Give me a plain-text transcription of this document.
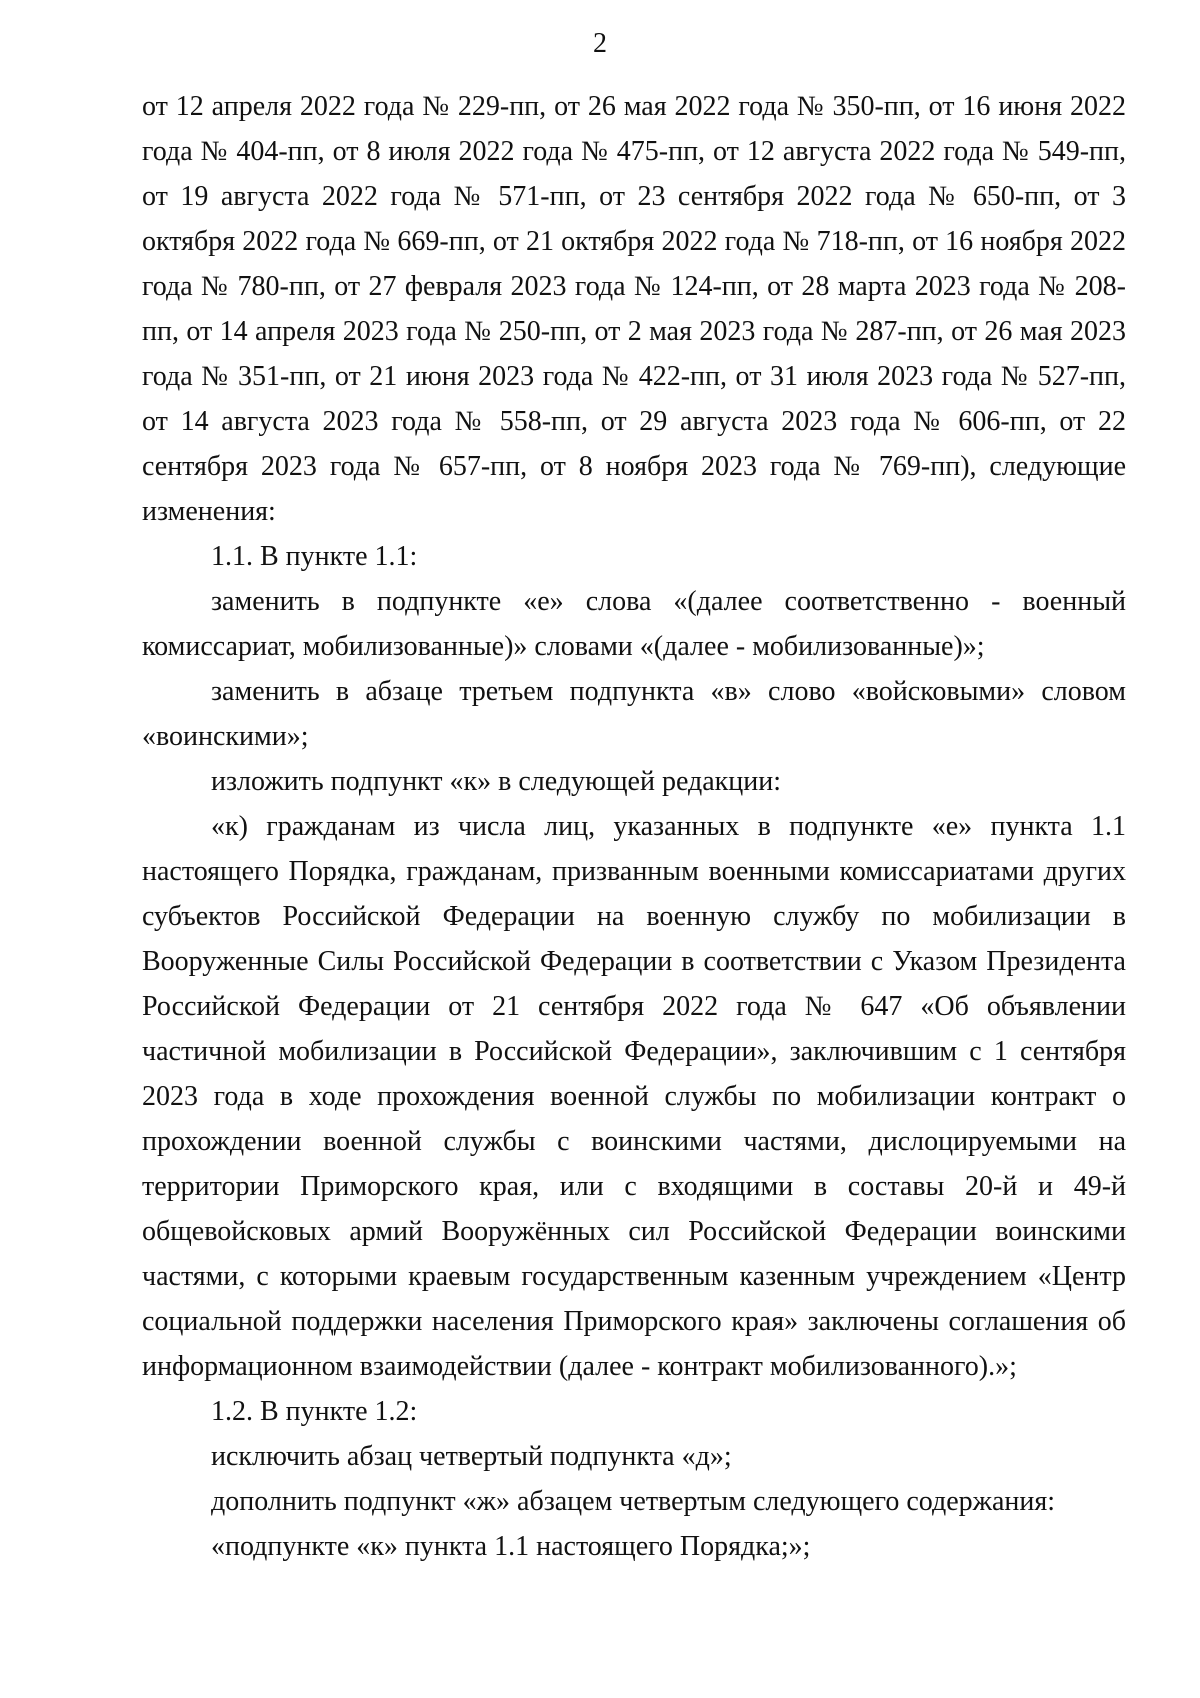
2

от 12 апреля 2022 года № 229-пп, от 26 мая 2022 года № 350-пп, от 16 июня 2022 года № 404-пп, от 8 июля 2022 года № 475-пп, от 12 августа 2022 года № 549-пп, от 19 августа 2022 года № 571-пп, от 23 сентября 2022 года № 650-пп, от 3 октября 2022 года № 669-пп, от 21 октября 2022 года № 718-пп, от 16 ноября 2022 года № 780-пп, от 27 февраля 2023 года № 124-пп, от 28 марта 2023 года № 208-пп, от 14 апреля 2023 года № 250-пп, от 2 мая 2023 года № 287-пп, от 26 мая 2023 года № 351-пп, от 21 июня 2023 года № 422-пп, от 31 июля 2023 года № 527-пп, от 14 августа 2023 года № 558-пп, от 29 августа 2023 года № 606-пп, от 22 сентября 2023 года № 657-пп, от 8 ноября 2023 года № 769-пп), следующие изменения:

1.1. В пункте 1.1:

заменить в подпункте «е» слова «(далее соответственно - военный комиссариат, мобилизованные)» словами «(далее - мобилизованные)»;

заменить в абзаце третьем подпункта «в» слово «войсковыми» словом «воинскими»;

изложить подпункт «к» в следующей редакции:

«к) гражданам из числа лиц, указанных в подпункте «е» пункта 1.1 настоящего Порядка, гражданам, призванным военными комиссариатами других субъектов Российской Федерации на военную службу по мобилизации в Вооруженные Силы Российской Федерации в соответствии с Указом Президента Российской Федерации от 21 сентября 2022 года № 647 «Об объявлении частичной мобилизации в Российской Федерации», заключившим с 1 сентября 2023 года в ходе прохождения военной службы по мобилизации контракт о прохождении военной службы с воинскими частями, дислоцируемыми на территории Приморского края, или с входящими в составы 20-й и 49-й общевойсковых армий Вооружённых сил Российской Федерации воинскими частями, с которыми краевым государственным казенным учреждением «Центр социальной поддержки населения Приморского края» заключены соглашения об информационном взаимодействии (далее - контракт мобилизованного).»;

1.2. В пункте 1.2:

исключить абзац четвертый подпункта «д»;

дополнить подпункт «ж» абзацем четвертым следующего содержания:

«подпункте «к» пункта 1.1 настоящего Порядка;»;
